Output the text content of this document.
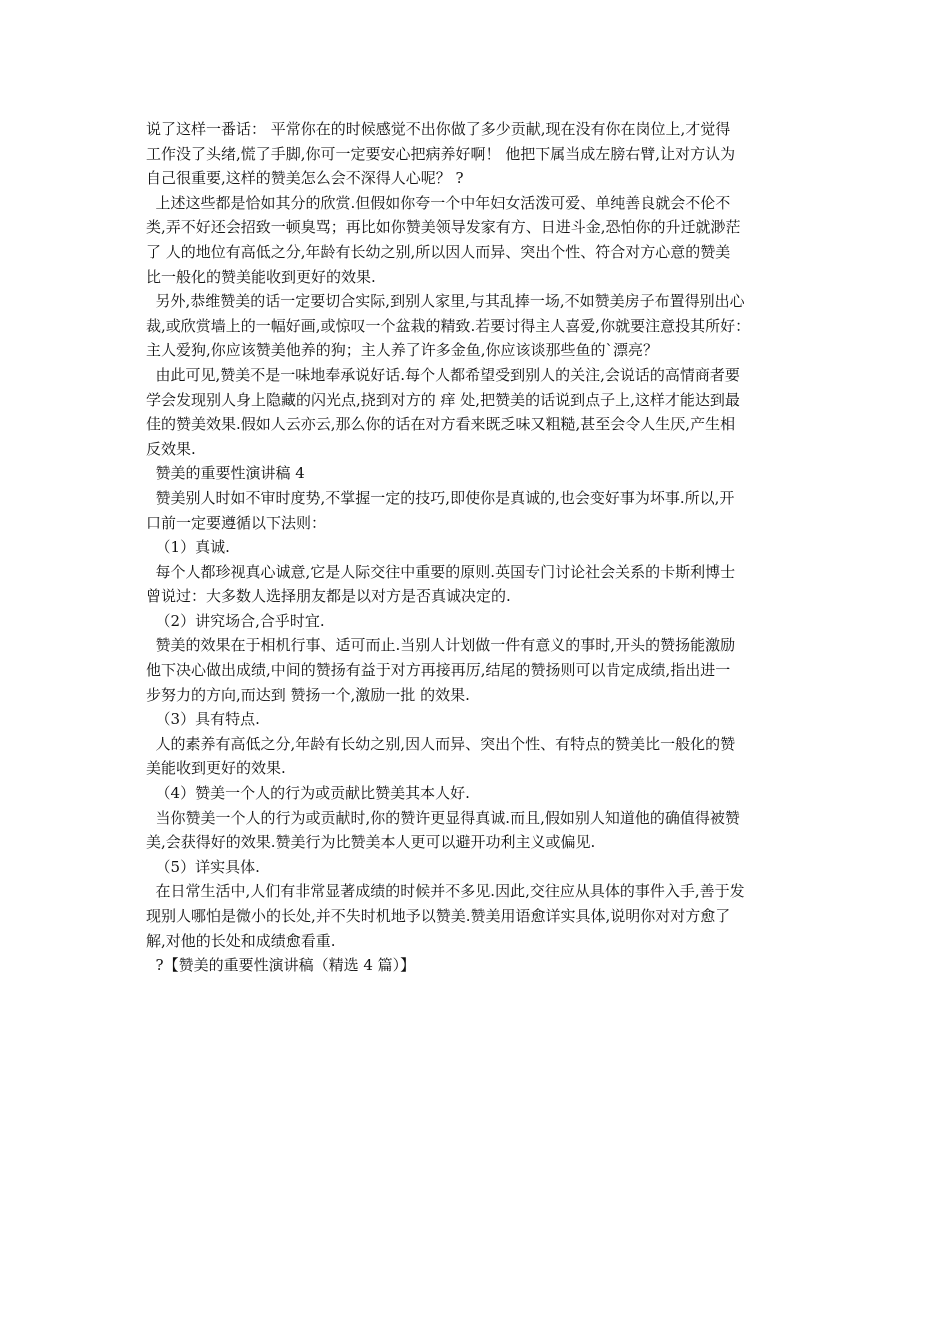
说了这样一番话： 平常你在的时候感觉不出你做了多少贡献,现在没有你在岗位上,才觉得
工作没了头绪,慌了手脚,你可一定要安心把病养好啊！ 他把下属当成左膀右臂,让对方认为
自己很重要,这样的赞美怎么会不深得人心呢？ ?
上述这些都是恰如其分的欣赏.但假如你夸一个中年妇女活泼可爱、单纯善良就会不伦不
类,弄不好还会招致一顿臭骂；再比如你赞美领导发家有方、日进斗金,恐怕你的升迁就渺茫
了 人的地位有高低之分,年龄有长幼之别,所以因人而异、突出个性、符合对方心意的赞美
比一般化的赞美能收到更好的效果.
另外,恭维赞美的话一定要切合实际,到别人家里,与其乱捧一场,不如赞美房子布置得别出心
裁,或欣赏墙上的一幅好画,或惊叹一个盆栽的精致.若要讨得主人喜爱,你就要注意投其所好：
主人爱狗,你应该赞美他养的狗；主人养了许多金鱼,你应该谈那些鱼的`漂亮？
由此可见,赞美不是一味地奉承说好话.每个人都希望受到别人的关注,会说话的高情商者要
学会发现别人身上隐藏的闪光点,挠到对方的 痒 处,把赞美的话说到点子上,这样才能达到最
佳的赞美效果.假如人云亦云,那么你的话在对方看来既乏味又粗糙,甚至会令人生厌,产生相
反效果.
赞美的重要性演讲稿 4
赞美别人时如不审时度势,不掌握一定的技巧,即使你是真诚的,也会变好事为坏事.所以,开
口前一定要遵循以下法则：
（1）真诚.
每个人都珍视真心诚意,它是人际交往中重要的原则.英国专门讨论社会关系的卡斯利博士
曾说过：大多数人选择朋友都是以对方是否真诚决定的.
（2）讲究场合,合乎时宜.
赞美的效果在于相机行事、适可而止.当别人计划做一件有意义的事时,开头的赞扬能激励
他下决心做出成绩,中间的赞扬有益于对方再接再厉,结尾的赞扬则可以肯定成绩,指出进一
步努力的方向,而达到 赞扬一个,激励一批 的效果.
（3）具有特点.
人的素养有高低之分,年龄有长幼之别,因人而异、突出个性、有特点的赞美比一般化的赞
美能收到更好的效果.
（4）赞美一个人的行为或贡献比赞美其本人好.
当你赞美一个人的行为或贡献时,你的赞许更显得真诚.而且,假如别人知道他的确值得被赞
美,会获得好的效果.赞美行为比赞美本人更可以避开功利主义或偏见.
（5）详实具体.
在日常生活中,人们有非常显著成绩的时候并不多见.因此,交往应从具体的事件入手,善于发
现别人哪怕是微小的长处,并不失时机地予以赞美.赞美用语愈详实具体,说明你对对方愈了
解,对他的长处和成绩愈看重.
?【赞美的重要性演讲稿（精选 4 篇）】
